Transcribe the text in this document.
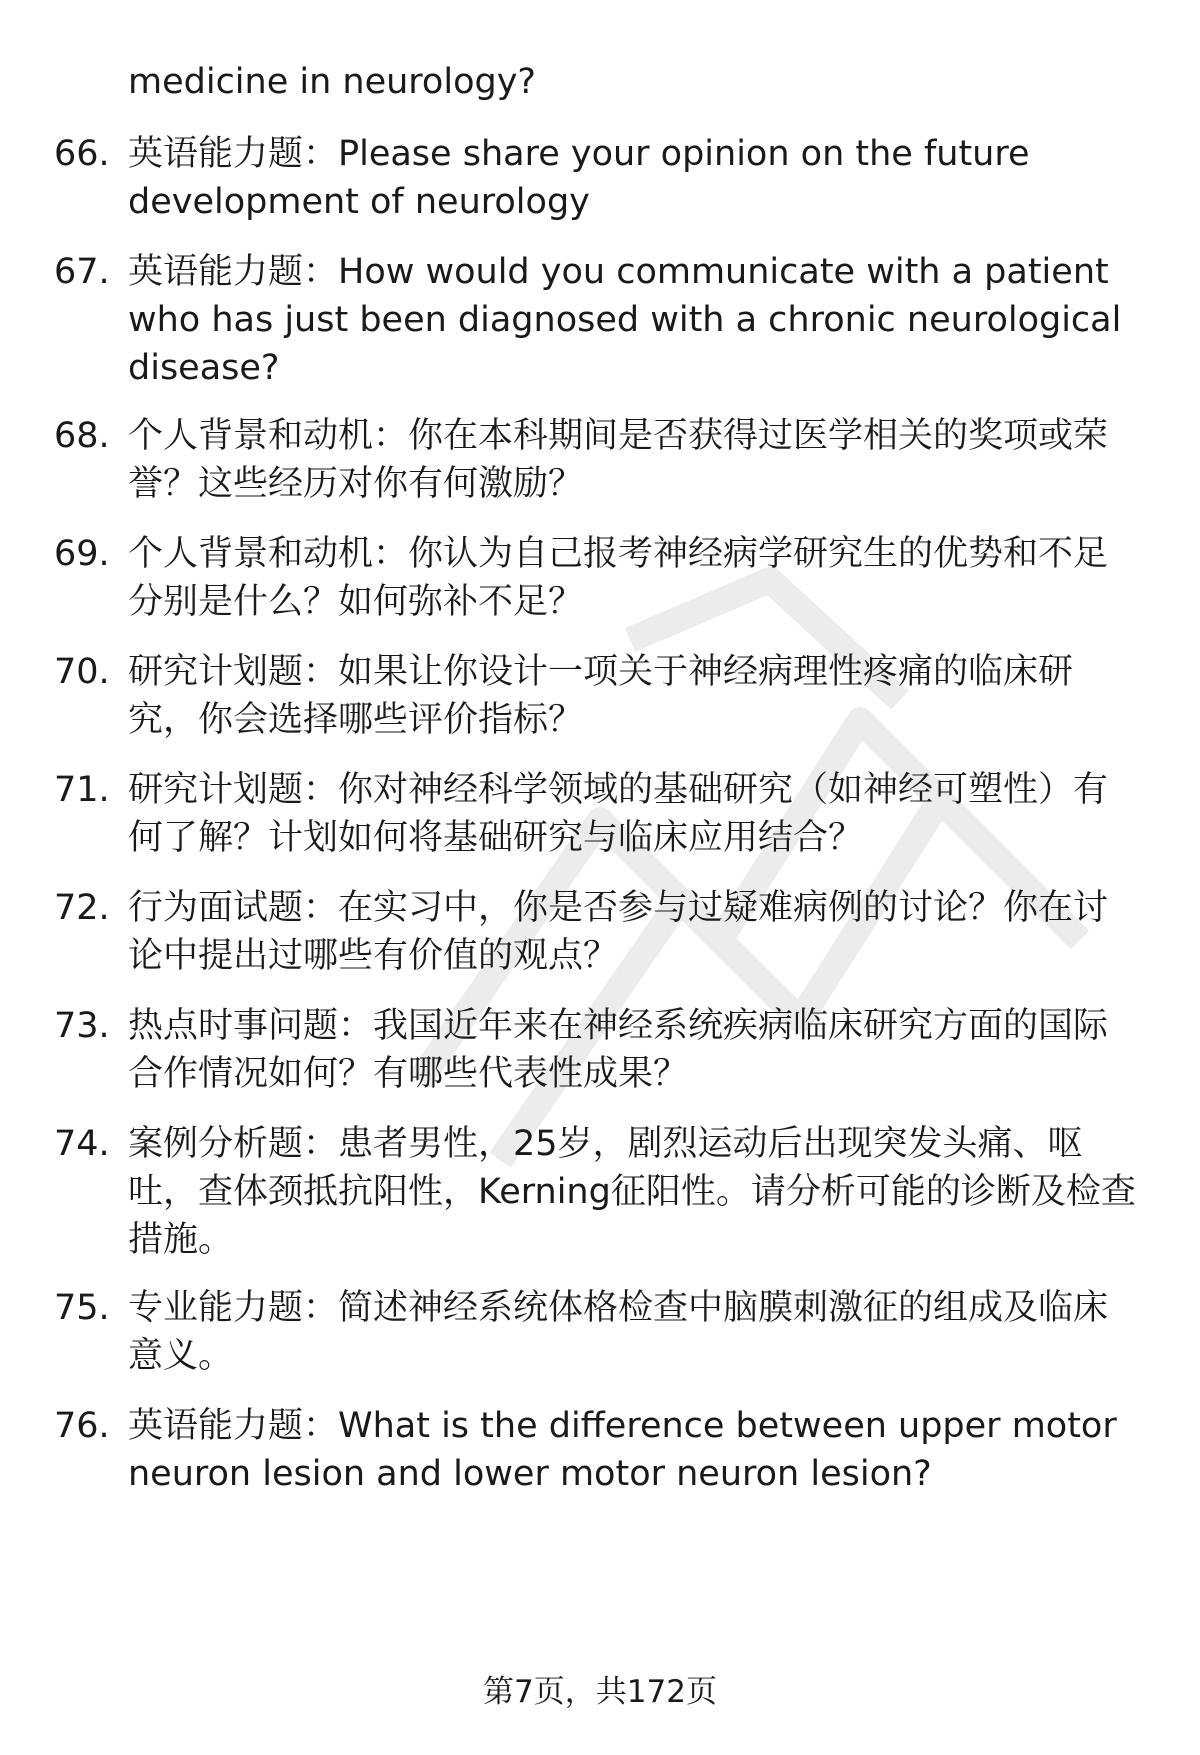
medicine in neurology?

66. 英语能力题：Please share your opinion on the future development of neurology
67. 英语能力题：How would you communicate with a patient who has just been diagnosed with a chronic neurological disease?
68. 个人背景和动机：你在本科期间是否获得过医学相关的奖项或荣誉？这些经历对你有何激励？
69. 个人背景和动机：你认为自己报考神经病学研究生的优势和不足分别是什么？如何弥补不足？
70. 研究计划题：如果让你设计一项关于神经病理性疼痛的临床研究，你会选择哪些评价指标？
71. 研究计划题：你对神经科学领域的基础研究（如神经可塑性）有何了解？计划如何将基础研究与临床应用结合？
72. 行为面试题：在实习中，你是否参与过疑难病例的讨论？你在讨论中提出过哪些有价值的观点？
73. 热点时事问题：我国近年来在神经系统疾病临床研究方面的国际合作情况如何？有哪些代表性成果？
74. 案例分析题：患者男性，25岁，剧烈运动后出现突发头痛、呕吐，查体颈抵抗阳性，Kerning征阳性。请分析可能的诊断及检查措施。
75. 专业能力题：简述神经系统体格检查中脑膜刺激征的组成及临床意义。
76. 英语能力题：What is the difference between upper motor neuron lesion and lower motor neuron lesion?
第7页，共172页
